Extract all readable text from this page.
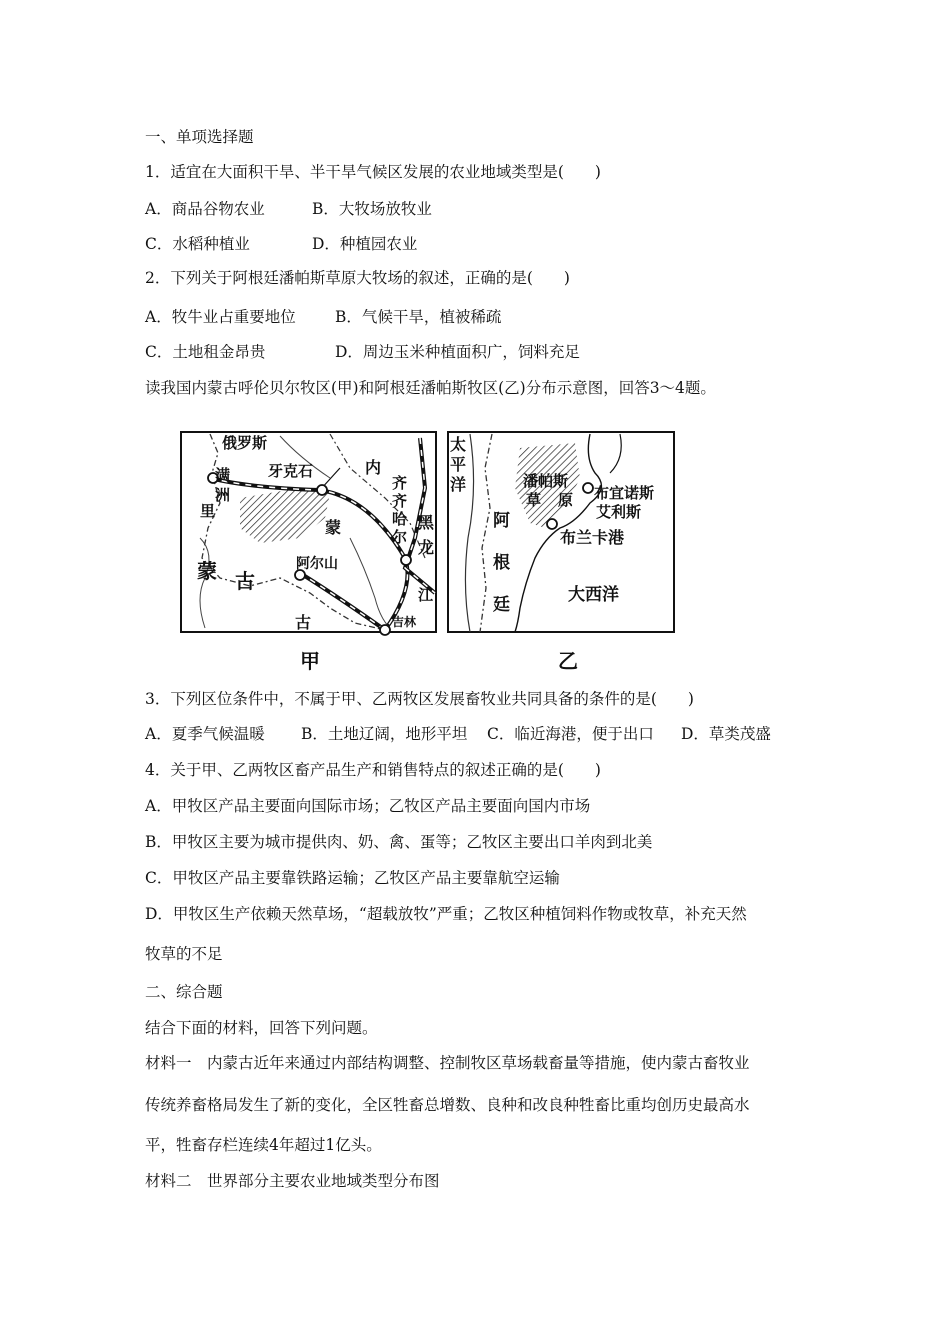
一、单项选择题
1．适宜在大面积干旱、半干旱气候区发展的农业地域类型是(　　)
A．商品谷物农业	B．大牧场放牧业
C．水稻种植业	D．种植园农业
2．下列关于阿根廷潘帕斯草原大牧场的叙述，正确的是(　　)
A．牧牛业占重要地位	B．气候干旱，植被稀疏
C．土地租金昂贵	D．周边玉米种植面积广，饲料充足
读我国内蒙古呼伦贝尔牧区(甲)和阿根廷潘帕斯牧区(乙)分布示意图，回答3～4题。
俄罗斯
牙克石
满
洲
里
内
蒙
古
齐
齐
哈
尔
黑
龙
江
吉林
阿尔山
蒙 古
甲
太
平
洋	潘帕斯
草 原 布宜诺斯
艾利斯
阿
根
廷
布兰卡港
大西洋
乙
3．下列区位条件中，不属于甲、乙两牧区发展畜牧业共同具备的条件的是(　　)
A．夏季气候温暖 B．土地辽阔，地形平坦 C．临近海港，便于出口 D．草类茂盛
4．关于甲、乙两牧区畜产品生产和销售特点的叙述正确的是(　　)
A．甲牧区产品主要面向国际市场；乙牧区产品主要面向国内市场
B．甲牧区主要为城市提供肉、奶、禽、蛋等；乙牧区主要出口羊肉到北美
C．甲牧区产品主要靠铁路运输；乙牧区产品主要靠航空运输
D．甲牧区生产依赖天然草场，“超载放牧”严重；乙牧区种植饲料作物或牧草，补充天然
牧草的不足
二、综合题
结合下面的材料，回答下列问题。
材料一　内蒙古近年来通过内部结构调整、控制牧区草场载畜量等措施，使内蒙古畜牧业
传统养畜格局发生了新的变化，全区牲畜总增数、良种和改良种牲畜比重均创历史最高水
平，牲畜存栏连续4年超过1亿头。
材料二　世界部分主要农业地域类型分布图
